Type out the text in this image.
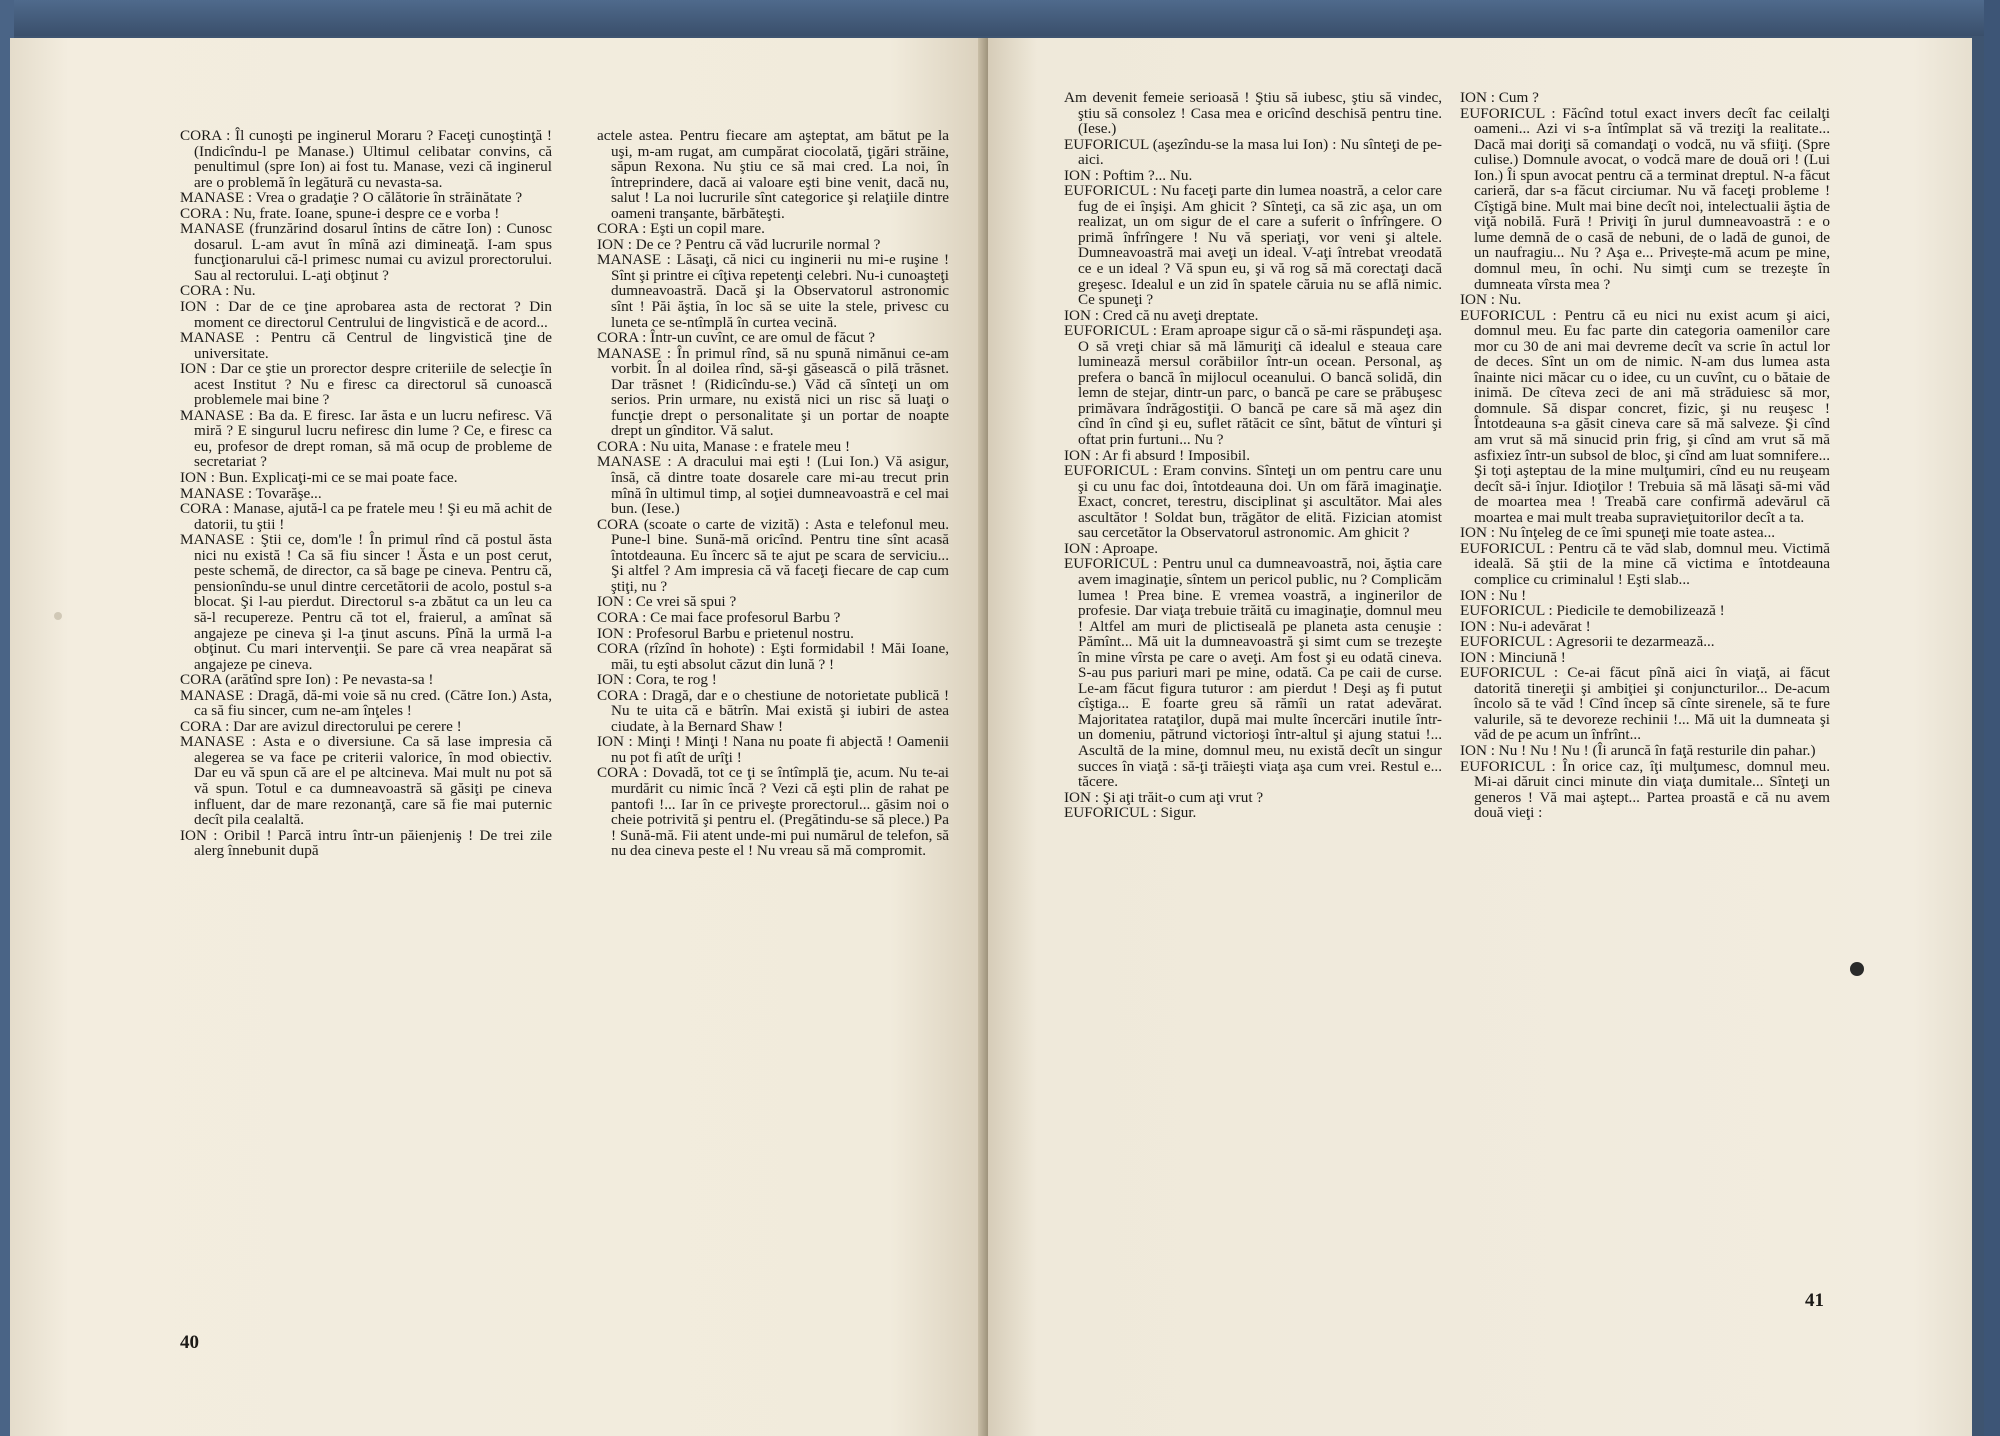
CORA : Îl cunoşti pe inginerul Moraru ? Faceţi cunoştinţă ! (Indicîndu-l pe Manase.) Ultimul celibatar convins, că penultimul (spre Ion) ai fost tu. Manase, vezi că inginerul are o problemă în legătură cu nevasta-sa.

MANASE : Vrea o gradaţie ? O călătorie în străinătate ?

CORA : Nu, frate. Ioane, spune-i despre ce e vorba !

MANASE (frunzărind dosarul întins de către Ion) : Cunosc dosarul. L-am avut în mînă azi dimineaţă. I-am spus funcţionarului că-l primesc numai cu avizul prorectorului. Sau al rectorului. L-aţi obţinut ?

CORA : Nu.

ION : Dar de ce ţine aprobarea asta de rectorat ? Din moment ce directorul Centrului de lingvistică e de acord...

MANASE : Pentru că Centrul de lingvistică ţine de universitate.

ION : Dar ce ştie un prorector despre criteriile de selecţie în acest Institut ? Nu e firesc ca directorul să cunoască problemele mai bine ?

MANASE : Ba da. E firesc. Iar ăsta e un lucru nefiresc. Vă miră ? E singurul lucru nefiresc din lume ? Ce, e firesc ca eu, profesor de drept roman, să mă ocup de probleme de secretariat ?

ION : Bun. Explicaţi-mi ce se mai poate face.

MANASE : Tovarăşe...

CORA : Manase, ajută-l ca pe fratele meu ! Şi eu mă achit de datorii, tu ştii !

MANASE : Ştii ce, dom'le ! În primul rînd că postul ăsta nici nu există ! Ca să fiu sincer ! Ăsta e un post cerut, peste schemă, de director, ca să bage pe cineva. Pentru că, pensionîndu-se unul dintre cercetătorii de acolo, postul s-a blocat. Şi l-au pierdut. Directorul s-a zbătut ca un leu ca să-l recupereze. Pentru că tot el, fraierul, a amînat să angajeze pe cineva şi l-a ţinut ascuns. Pînă la urmă l-a obţinut. Cu mari intervenţii. Se pare că vrea neapărat să angajeze pe cineva.

CORA (arătînd spre Ion) : Pe nevasta-sa !

MANASE : Dragă, dă-mi voie să nu cred. (Către Ion.) Asta, ca să fiu sincer, cum ne-am înţeles !

CORA : Dar are avizul directorului pe cerere !

MANASE : Asta e o diversiune. Ca să lase impresia că alegerea se va face pe criterii valorice, în mod obiectiv. Dar eu vă spun că are el pe altcineva. Mai mult nu pot să vă spun. Totul e ca dumneavoastră să găsiţi pe cineva influent, dar de mare rezonanţă, care să fie mai puternic decît pila cealaltă.

ION : Oribil ! Parcă intru într-un păienjeniş ! De trei zile alerg înnebunit după

actele astea. Pentru fiecare am aşteptat, am bătut pe la uşi, m-am rugat, am cumpărat ciocolată, ţigări străine, săpun Rexona. Nu ştiu ce să mai cred. La noi, în întreprindere, dacă ai valoare eşti bine venit, dacă nu, salut ! La noi lucrurile sînt categorice şi relaţiile dintre oameni tranşante, bărbăteşti.

CORA : Eşti un copil mare.

ION : De ce ? Pentru că văd lucrurile normal ?

MANASE : Lăsaţi, că nici cu inginerii nu mi-e ruşine ! Sînt şi printre ei cîţiva repetenţi celebri. Nu-i cunoaşteţi dumneavoastră. Dacă şi la Observatorul astronomic sînt ! Păi ăştia, în loc să se uite la stele, privesc cu luneta ce se-ntîmplă în curtea vecină.

CORA : Într-un cuvînt, ce are omul de făcut ?

MANASE : În primul rînd, să nu spună nimănui ce-am vorbit. În al doilea rînd, să-şi găsească o pilă trăsnet. Dar trăsnet ! (Ridicîndu-se.) Văd că sînteţi un om serios. Prin urmare, nu există nici un risc să luaţi o funcţie drept o personalitate şi un portar de noapte drept un gînditor. Vă salut.

CORA : Nu uita, Manase : e fratele meu !

MANASE : A dracului mai eşti ! (Lui Ion.) Vă asigur, însă, că dintre toate dosarele care mi-au trecut prin mînă în ultimul timp, al soţiei dumneavoastră e cel mai bun. (Iese.)

CORA (scoate o carte de vizită) : Asta e telefonul meu. Pune-l bine. Sună-mă oricînd. Pentru tine sînt acasă întotdeauna. Eu încerc să te ajut pe scara de serviciu... Şi altfel ? Am impresia că vă faceţi fiecare de cap cum ştiţi, nu ?

ION : Ce vrei să spui ?

CORA : Ce mai face profesorul Barbu ?

ION : Profesorul Barbu e prietenul nostru.

CORA (rîzînd în hohote) : Eşti formidabil ! Măi Ioane, măi, tu eşti absolut căzut din lună ? !

ION : Cora, te rog !

CORA : Dragă, dar e o chestiune de notorietate publică ! Nu te uita că e bătrîn. Mai există şi iubiri de astea ciudate, à la Bernard Shaw !

ION : Minţi ! Minţi ! Nana nu poate fi abjectă ! Oamenii nu pot fi atît de urîţi !

CORA : Dovadă, tot ce ţi se întîmplă ţie, acum. Nu te-ai murdărit cu nimic încă ? Vezi că eşti plin de rahat pe pantofi !... Iar în ce priveşte prorectorul... găsim noi o cheie potrivită şi pentru el. (Pregătindu-se să plece.) Pa ! Sună-mă. Fii atent unde-mi pui numărul de telefon, să nu dea cineva peste el ! Nu vreau să mă compromit.

40

Am devenit femeie serioasă ! Ştiu să iubesc, ştiu să vindec, ştiu să consolez ! Casa mea e oricînd deschisă pentru tine. (Iese.)

EUFORICUL (aşezîndu-se la masa lui Ion) : Nu sînteţi de pe-aici.

ION : Poftim ?... Nu.

EUFORICUL : Nu faceţi parte din lumea noastră, a celor care fug de ei înşişi. Am ghicit ? Sînteţi, ca să zic aşa, un om realizat, un om sigur de el care a suferit o înfrîngere. O primă înfrîngere ! Nu vă speriaţi, vor veni şi altele. Dumneavoastră mai aveţi un ideal. V-aţi întrebat vreodată ce e un ideal ? Vă spun eu, şi vă rog să mă corectaţi dacă greşesc. Idealul e un zid în spatele căruia nu se află nimic. Ce spuneţi ?

ION : Cred că nu aveţi dreptate.

EUFORICUL : Eram aproape sigur că o să-mi răspundeţi aşa. O să vreţi chiar să mă lămuriţi că idealul e steaua care luminează mersul corăbiilor într-un ocean. Personal, aş prefera o bancă în mijlocul oceanului. O bancă solidă, din lemn de stejar, dintr-un parc, o bancă pe care se prăbuşesc primăvara îndrăgostiţii. O bancă pe care să mă aşez din cînd în cînd şi eu, suflet rătăcit ce sînt, bătut de vînturi şi oftat prin furtuni... Nu ?

ION : Ar fi absurd ! Imposibil.

EUFORICUL : Eram convins. Sînteţi un om pentru care unu şi cu unu fac doi, întotdeauna doi. Un om fără imaginaţie. Exact, concret, terestru, disciplinat şi ascultător. Mai ales ascultător ! Soldat bun, trăgător de elită. Fizician atomist sau cercetător la Observatorul astronomic. Am ghicit ?

ION : Aproape.

EUFORICUL : Pentru unul ca dumneavoastră, noi, ăştia care avem imaginaţie, sîntem un pericol public, nu ? Complicăm lumea ! Prea bine. E vremea voastră, a inginerilor de profesie. Dar viaţa trebuie trăită cu imaginaţie, domnul meu ! Altfel am muri de plictiseală pe planeta asta cenuşie : Pămînt... Mă uit la dumneavoastră şi simt cum se trezeşte în mine vîrsta pe care o aveţi. Am fost şi eu odată cineva. S-au pus pariuri mari pe mine, odată. Ca pe caii de curse. Le-am făcut figura tuturor : am pierdut ! Deşi aş fi putut cîştiga... E foarte greu să rămîi un ratat adevărat. Majoritatea rataţilor, după mai multe încercări inutile într-un domeniu, pătrund victorioşi într-altul şi ajung statui !... Ascultă de la mine, domnul meu, nu există decît un singur succes în viaţă : să-ţi trăieşti viaţa aşa cum vrei. Restul e... tăcere.

ION : Şi aţi trăit-o cum aţi vrut ?

EUFORICUL : Sigur.

ION : Cum ?

EUFORICUL : Făcînd totul exact invers decît fac ceilalţi oameni... Azi vi s-a întîmplat să vă treziţi la realitate... Dacă mai doriţi să comandaţi o vodcă, nu vă sfiiţi. (Spre culise.) Domnule avocat, o vodcă mare de două ori ! (Lui Ion.) Îi spun avocat pentru că a terminat dreptul. N-a făcut carieră, dar s-a făcut circiumar. Nu vă faceţi probleme ! Cîştigă bine. Mult mai bine decît noi, intelectualii ăştia de viţă nobilă. Fură ! Priviţi în jurul dumneavoastră : e o lume demnă de o casă de nebuni, de o ladă de gunoi, de un naufragiu... Nu ? Aşa e... Privește-mă acum pe mine, domnul meu, în ochi. Nu simţi cum se trezeşte în dumneata vîrsta mea ?

ION : Nu.

EUFORICUL : Pentru că eu nici nu exist acum şi aici, domnul meu. Eu fac parte din categoria oamenilor care mor cu 30 de ani mai devreme decît va scrie în actul lor de deces. Sînt un om de nimic. N-am dus lumea asta înainte nici măcar cu o idee, cu un cuvînt, cu o bătaie de inimă. De cîteva zeci de ani mă străduiesc să mor, domnule. Să dispar concret, fizic, şi nu reuşesc ! Întotdeauna s-a găsit cineva care să mă salveze. Şi cînd am vrut să mă sinucid prin frig, şi cînd am vrut să mă asfixiez într-un subsol de bloc, şi cînd am luat somnifere... Şi toţi aşteptau de la mine mulţumiri, cînd eu nu reuşeam decît să-i înjur. Idioţilor ! Trebuia să mă lăsaţi să-mi văd de moartea mea ! Treabă care confirmă adevărul că moartea e mai mult treaba supravieţuitorilor decît a ta.

ION : Nu înţeleg de ce îmi spuneţi mie toate astea...

EUFORICUL : Pentru că te văd slab, domnul meu. Victimă ideală. Să ştii de la mine că victima e întotdeauna complice cu criminalul ! Eşti slab...

ION : Nu !

EUFORICUL : Piedicile te demobilizează !

ION : Nu-i adevărat !

EUFORICUL : Agresorii te dezarmează...

ION : Minciună !

EUFORICUL : Ce-ai făcut pînă aici în viaţă, ai făcut datorită tinereţii şi ambiţiei şi conjuncturilor... De-acum încolo să te văd ! Cînd încep să cînte sirenele, să te fure valurile, să te devoreze rechinii !... Mă uit la dumneata şi văd de pe acum un înfrînt...

ION : Nu ! Nu ! Nu ! (Îi aruncă în faţă resturile din pahar.)

EUFORICUL : În orice caz, îţi mulţumesc, domnul meu. Mi-ai dăruit cinci minute din viaţa dumitale... Sînteţi un generos ! Vă mai aştept... Partea proastă e că nu avem două vieţi :

41
